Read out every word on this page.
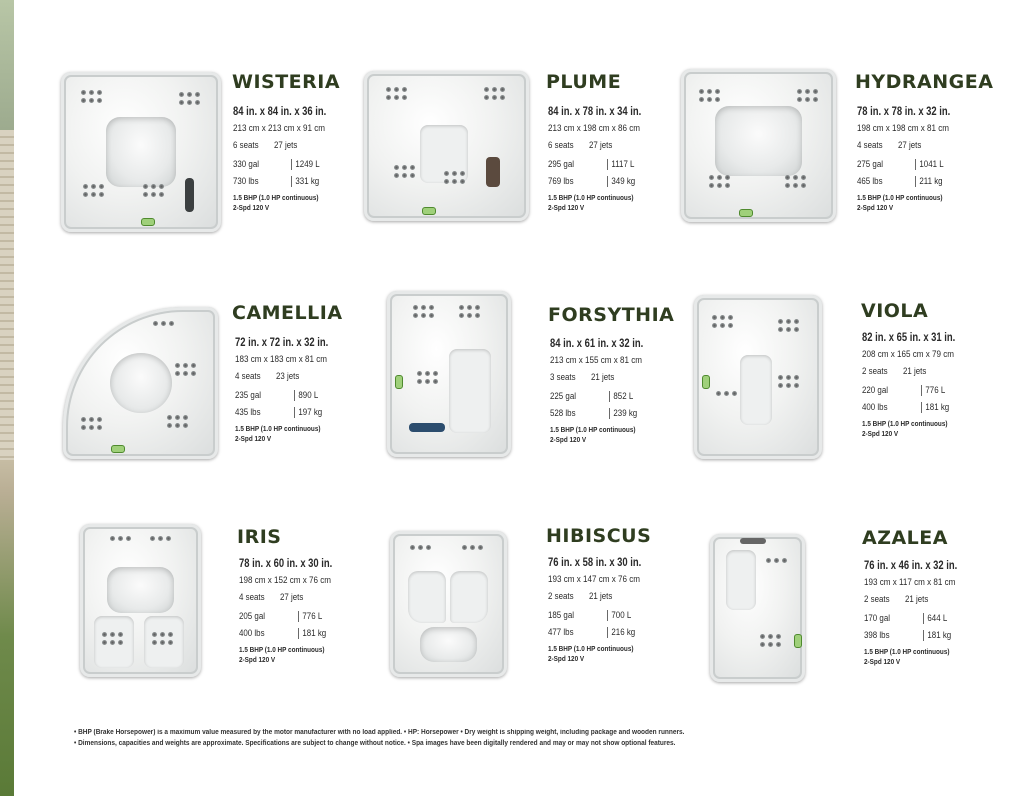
WISTERIA
84 in. x 84 in. x 36 in.
213 cm x 213 cm x 91 cm
6 seats 27 jets
330 gal	1249 L
730 lbs	331 kg
1.5 BHP (1.0 HP continuous)
2-Spd 120 V
PLUME
84 in. x 78 in. x 34 in.
213 cm x 198 cm x 86 cm
6 seats 27 jets
295 gal	1117 L
769 lbs	349 kg
1.5 BHP (1.0 HP continuous)
2-Spd 120 V
HYDRANGEA
78 in. x 78 in. x 32 in.
198 cm x 198 cm x 81 cm
4 seats 27 jets
275 gal	1041 L
465 lbs	211 kg
1.5 BHP (1.0 HP continuous)
2-Spd 120 V
CAMELLIA
72 in. x 72 in. x 32 in.
183 cm x 183 cm x 81 cm
4 seats 23 jets
235 gal	890 L
435 lbs	197 kg
1.5 BHP (1.0 HP continuous)
2-Spd 120 V
FORSYTHIA
84 in. x 61 in. x 32 in.
213 cm x 155 cm x 81 cm
3 seats 21 jets
225 gal	852 L
528 lbs	239 kg
1.5 BHP (1.0 HP continuous)
2-Spd 120 V
VIOLA
82 in. x 65 in. x 31 in.
208 cm x 165 cm x 79 cm
2 seats 21 jets
220 gal	776 L
400 lbs	181 kg
1.5 BHP (1.0 HP continuous)
2-Spd 120 V
IRIS
78 in. x 60 in. x 30 in.
198 cm x 152 cm x 76 cm
4 seats 27 jets
205 gal	776 L
400 lbs	181 kg
1.5 BHP (1.0 HP continuous)
2-Spd 120 V
HIBISCUS
76 in. x 58 in. x 30 in.
193 cm x 147 cm x 76 cm
2 seats 21 jets
185 gal	700 L
477 lbs	216 kg
1.5 BHP (1.0 HP continuous)
2-Spd 120 V
AZALEA
76 in. x 46 in. x 32 in.
193 cm x 117 cm x 81 cm
2 seats 21 jets
170 gal	644 L
398 lbs	181 kg
1.5 BHP (1.0 HP continuous)
2-Spd 120 V
• BHP (Brake Horsepower) is a maximum value measured by the motor manufacturer with no load applied. • HP: Horsepower • Dry weight is shipping weight, including package and wooden runners.
• Dimensions, capacities and weights are approximate. Specifications are subject to change without notice. • Spa images have been digitally rendered and may or may not show optional features.
